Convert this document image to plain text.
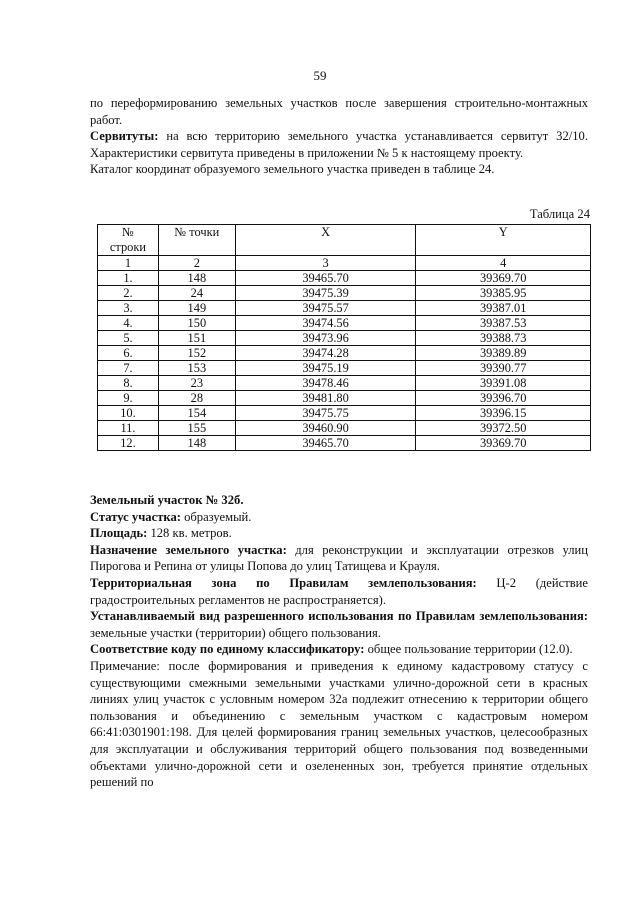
59

по переформированию земельных участков после завершения строительно-монтажных работ.

Сервитуты: на всю территорию земельного участка устанавливается сервитут 32/10. Характеристики сервитута приведены в приложении № 5 к настоящему проекту.

Каталог координат образуемого земельного участка приведен в таблице 24.

Таблица 24
№
строки	№ точки	X	Y
1	2	3	4
1.	148	39465.70	39369.70
2.	24	39475.39	39385.95
3.	149	39475.57	39387.01
4.	150	39474.56	39387.53
5.	151	39473.96	39388.73
6.	152	39474.28	39389.89
7.	153	39475.19	39390.77
8.	23	39478.46	39391.08
9.	28	39481.80	39396.70
10.	154	39475.75	39396.15
11.	155	39460.90	39372.50
12.	148	39465.70	39369.70

Земельный участок № 32б.

Статус участка: образуемый.

Площадь: 128 кв. метров.

Назначение земельного участка: для реконструкции и эксплуатации отрезков улиц Пирогова и Репина от улицы Попова до улиц Татищева и Крауля.

Территориальная зона по Правилам землепользования: Ц-2 (действие градостроительных регламентов не распространяется).

Устанавливаемый вид разрешенного использования по Правилам землепользования: земельные участки (территории) общего пользования.

Соответствие коду по единому классификатору: общее пользование территории (12.0).

Примечание: после формирования и приведения к единому кадастровому статусу с существующими смежными земельными участками улично-дорожной сети в красных линиях улиц участок с условным номером 32а подлежит отнесению к территории общего пользования и объединению с земельным участком с кадастровым номером 66:41:0301901:198. Для целей формирования границ земельных участков, целесообразных для эксплуатации и обслуживания территорий общего пользования под возведенными объектами улично-дорожной сети и озелененных зон, требуется принятие отдельных решений по
